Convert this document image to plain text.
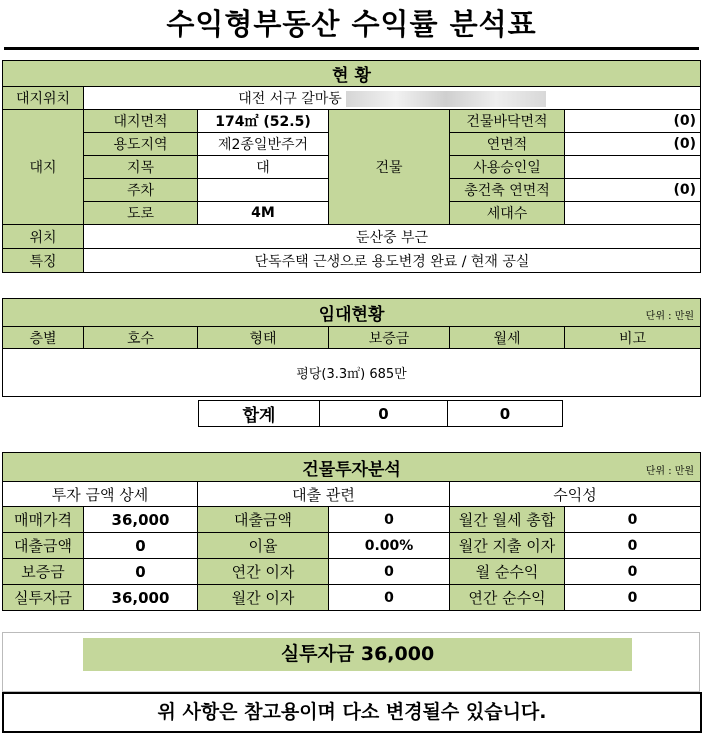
수익형부동산 수익률 분석표
현 황					
대지위치	대전 서구 갈마동				
대지	대지면적	174㎡ (52.5)	건물	건물바닥면적	(0)
	용도지역	제2종일반주거		연면적	(0)
	지목	대		사용승인일	
	주차			총건축 연면적	(0)
	도로	4M		세대수	
위치	둔산중 부근				
특징	단독주택 근생으로 용도변경 완료 / 현재 공실				
임대현황	단위 : 만원

층별	호수	형태	보증금	월세	비고
평당(3.3㎡) 685만
합계	0	0
건물투자분석 단위 : 만원					

투자 금액 상세		대출 관련		수익성	
매매가격	36,000	대출금액	0	월간 월세 총합	0
대출금액	0	이율	0.00%	월간 지출 이자	0
보증금	0	연간 이자	0	월 순수익	0
실투자금	36,000	월간 이자	0	연간 순수익	0
실투자금 36,000
위 사항은 참고용이며 다소 변경될수 있습니다.
